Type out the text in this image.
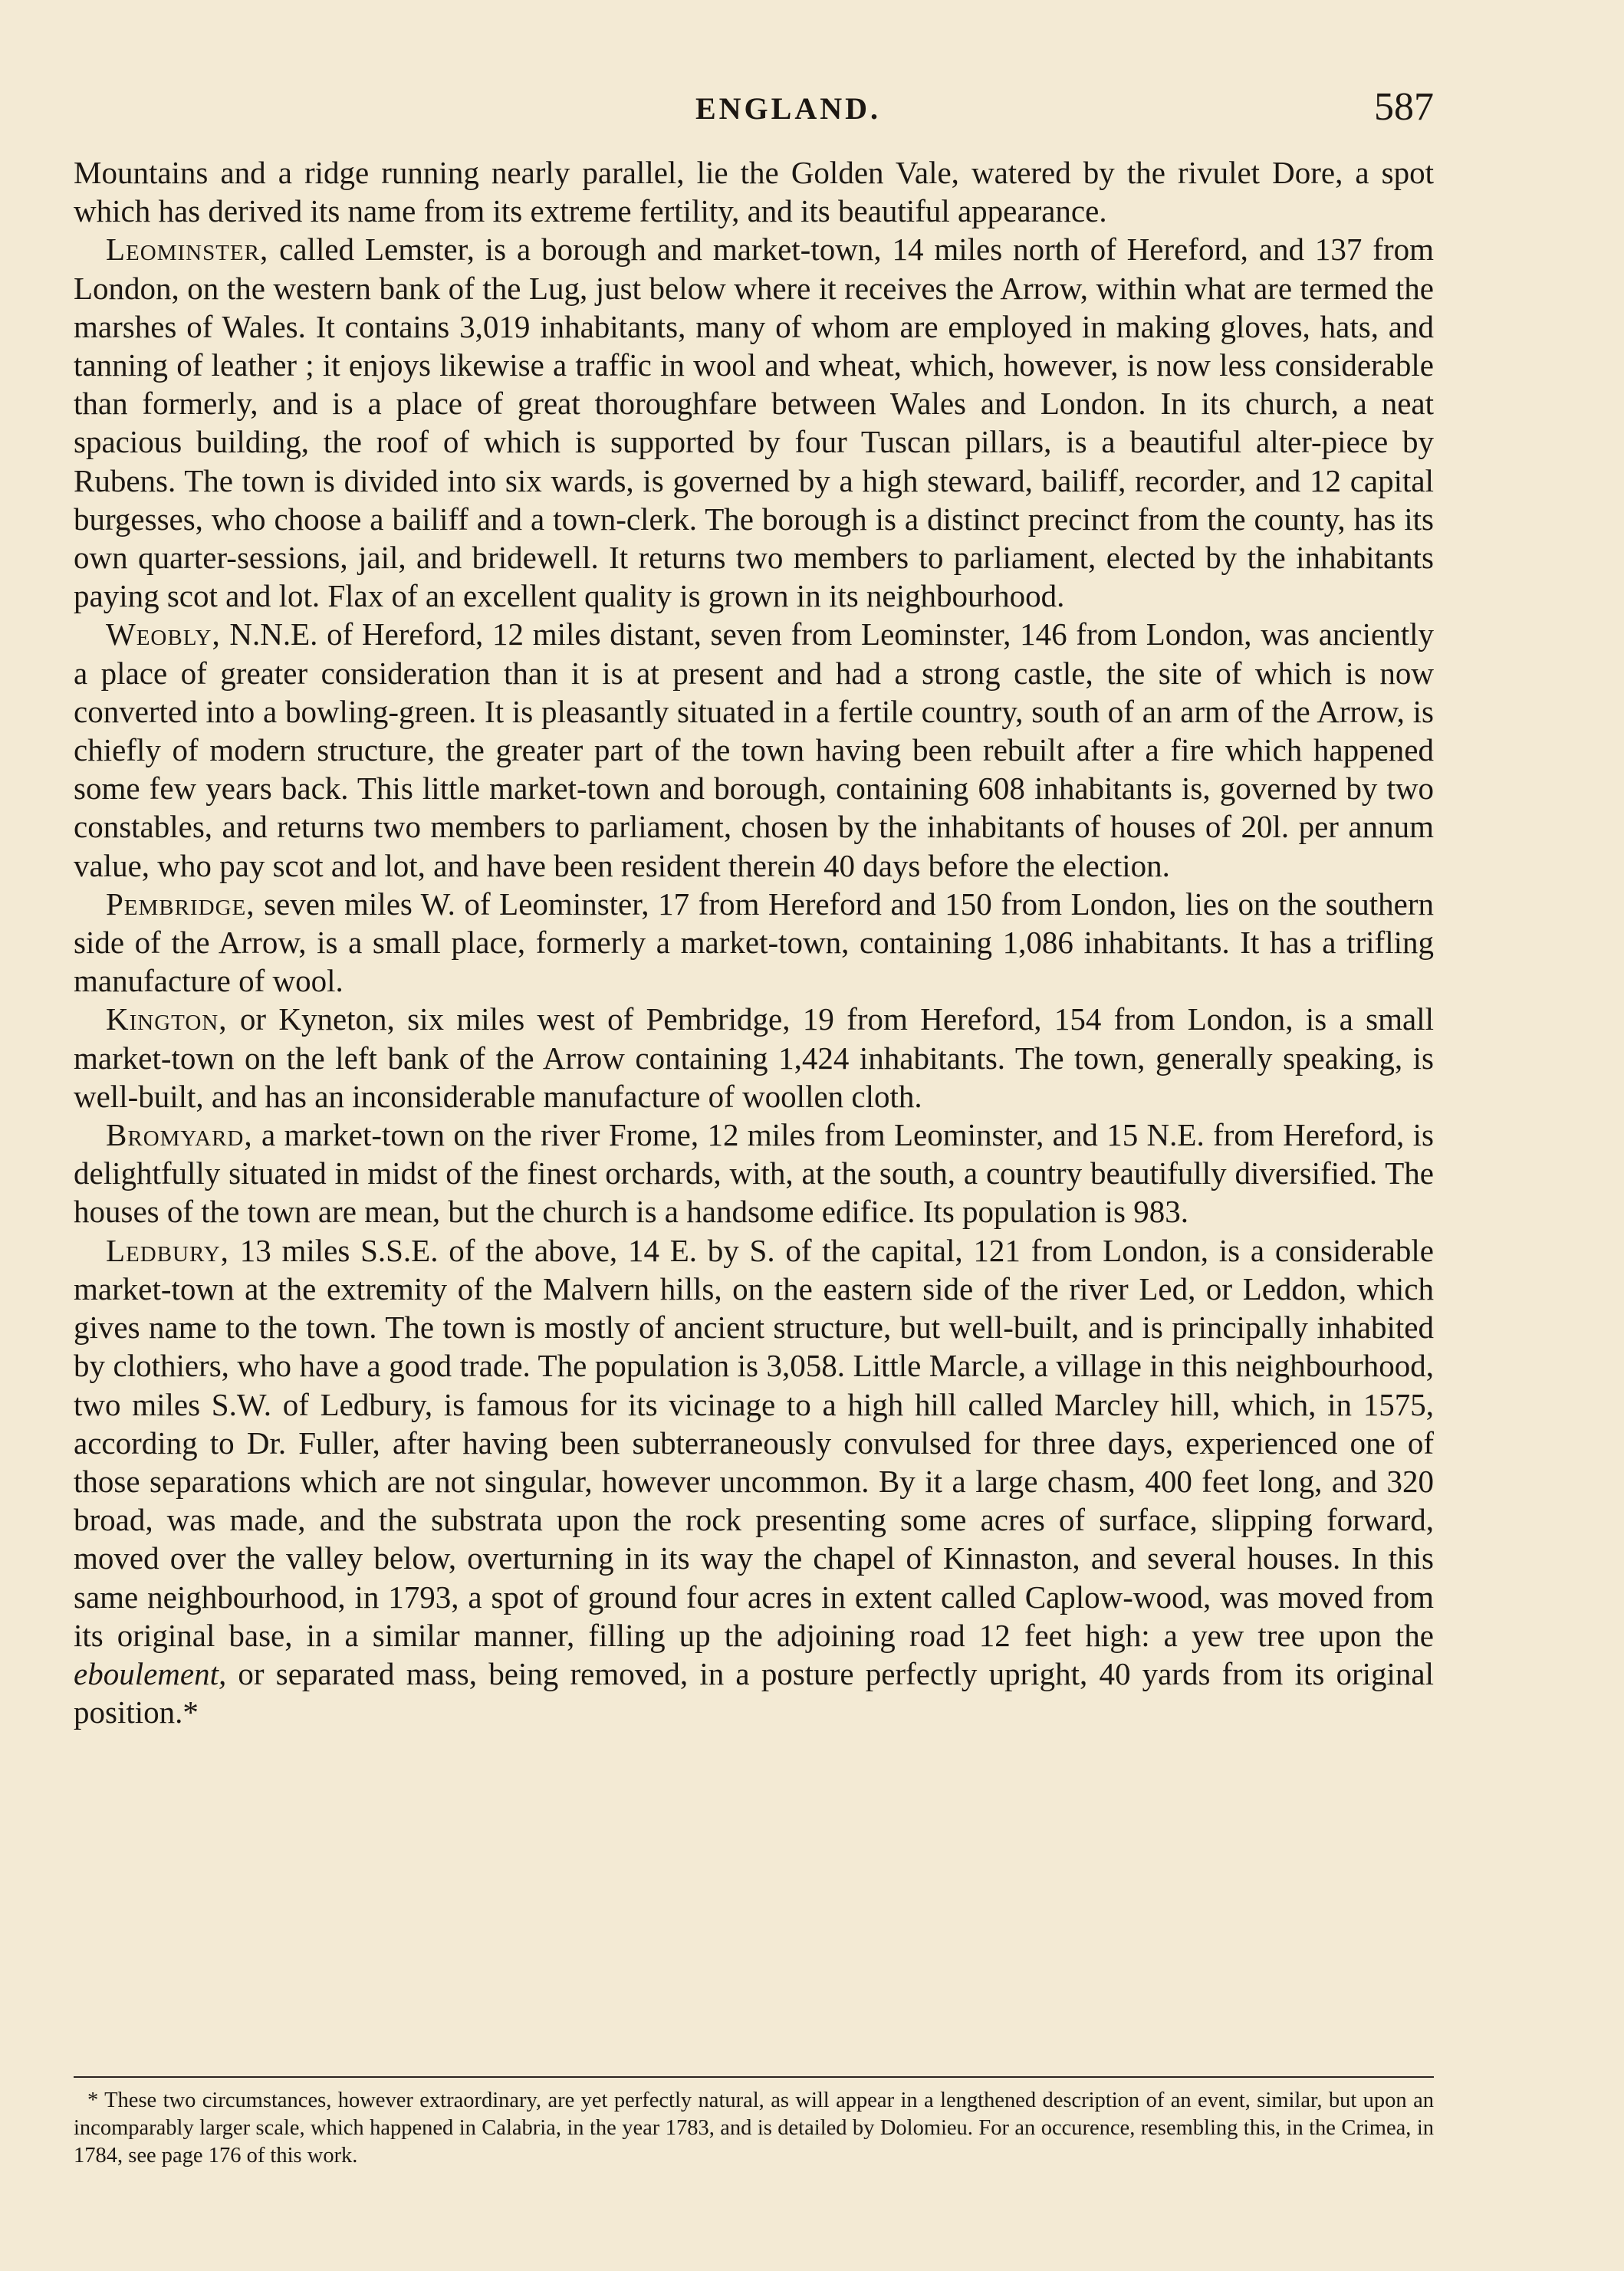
ENGLAND.	587

Mountains and a ridge running nearly parallel, lie the Golden Vale, watered by the rivulet Dore, a spot which has derived its name from its extreme fertility, and its beautiful appearance.

Leominster, called Lemster, is a borough and market-town, 14 miles north of Hereford, and 137 from London, on the western bank of the Lug, just below where it receives the Arrow, within what are termed the marshes of Wales. It contains 3,019 inhabitants, many of whom are employed in making gloves, hats, and tanning of leather ; it enjoys likewise a traffic in wool and wheat, which, however, is now less considerable than formerly, and is a place of great thoroughfare between Wales and London. In its church, a neat spacious building, the roof of which is supported by four Tuscan pillars, is a beautiful alter-piece by Rubens. The town is divided into six wards, is governed by a high steward, bailiff, recorder, and 12 capital burgesses, who choose a bailiff and a town-clerk. The borough is a distinct precinct from the county, has its own quarter-sessions, jail, and bridewell. It returns two members to parliament, elected by the inhabitants paying scot and lot. Flax of an excellent quality is grown in its neighbourhood.

Weobly, N.N.E. of Hereford, 12 miles distant, seven from Leominster, 146 from London, was anciently a place of greater consideration than it is at present and had a strong castle, the site of which is now converted into a bowling-green. It is pleasantly situated in a fertile country, south of an arm of the Arrow, is chiefly of modern structure, the greater part of the town having been rebuilt after a fire which happened some few years back. This little market-town and borough, containing 608 inhabitants is, governed by two constables, and returns two members to parliament, chosen by the inhabitants of houses of 20l. per annum value, who pay scot and lot, and have been resident therein 40 days before the election.

Pembridge, seven miles W. of Leominster, 17 from Hereford and 150 from London, lies on the southern side of the Arrow, is a small place, formerly a market-town, containing 1,086 inhabitants. It has a trifling manufacture of wool.

Kington, or Kyneton, six miles west of Pembridge, 19 from Hereford, 154 from London, is a small market-town on the left bank of the Arrow containing 1,424 inhabitants. The town, generally speaking, is well-built, and has an inconsiderable manufacture of woollen cloth.

Bromyard, a market-town on the river Frome, 12 miles from Leominster, and 15 N.E. from Hereford, is delightfully situated in midst of the finest orchards, with, at the south, a country beautifully diversified. The houses of the town are mean, but the church is a handsome edifice. Its population is 983.

Ledbury, 13 miles S.S.E. of the above, 14 E. by S. of the capital, 121 from London, is a considerable market-town at the extremity of the Malvern hills, on the eastern side of the river Led, or Leddon, which gives name to the town. The town is mostly of ancient structure, but well-built, and is principally inhabited by clothiers, who have a good trade. The population is 3,058. Little Marcle, a village in this neighbourhood, two miles S.W. of Ledbury, is famous for its vicinage to a high hill called Marcley hill, which, in 1575, according to Dr. Fuller, after having been subterraneously convulsed for three days, experienced one of those separations which are not singular, however uncommon. By it a large chasm, 400 feet long, and 320 broad, was made, and the substrata upon the rock presenting some acres of surface, slipping forward, moved over the valley below, overturning in its way the chapel of Kinnaston, and several houses. In this same neighbourhood, in 1793, a spot of ground four acres in extent called Caplow-wood, was moved from its original base, in a similar manner, filling up the adjoining road 12 feet high: a yew tree upon the eboulement, or separated mass, being removed, in a posture perfectly upright, 40 yards from its original position.*

* These two circumstances, however extraordinary, are yet perfectly natural, as will appear in a lengthened description of an event, similar, but upon an incomparably larger scale, which happened in Calabria, in the year 1783, and is detailed by Dolomieu. For an occurence, resembling this, in the Crimea, in 1784, see page 176 of this work.
